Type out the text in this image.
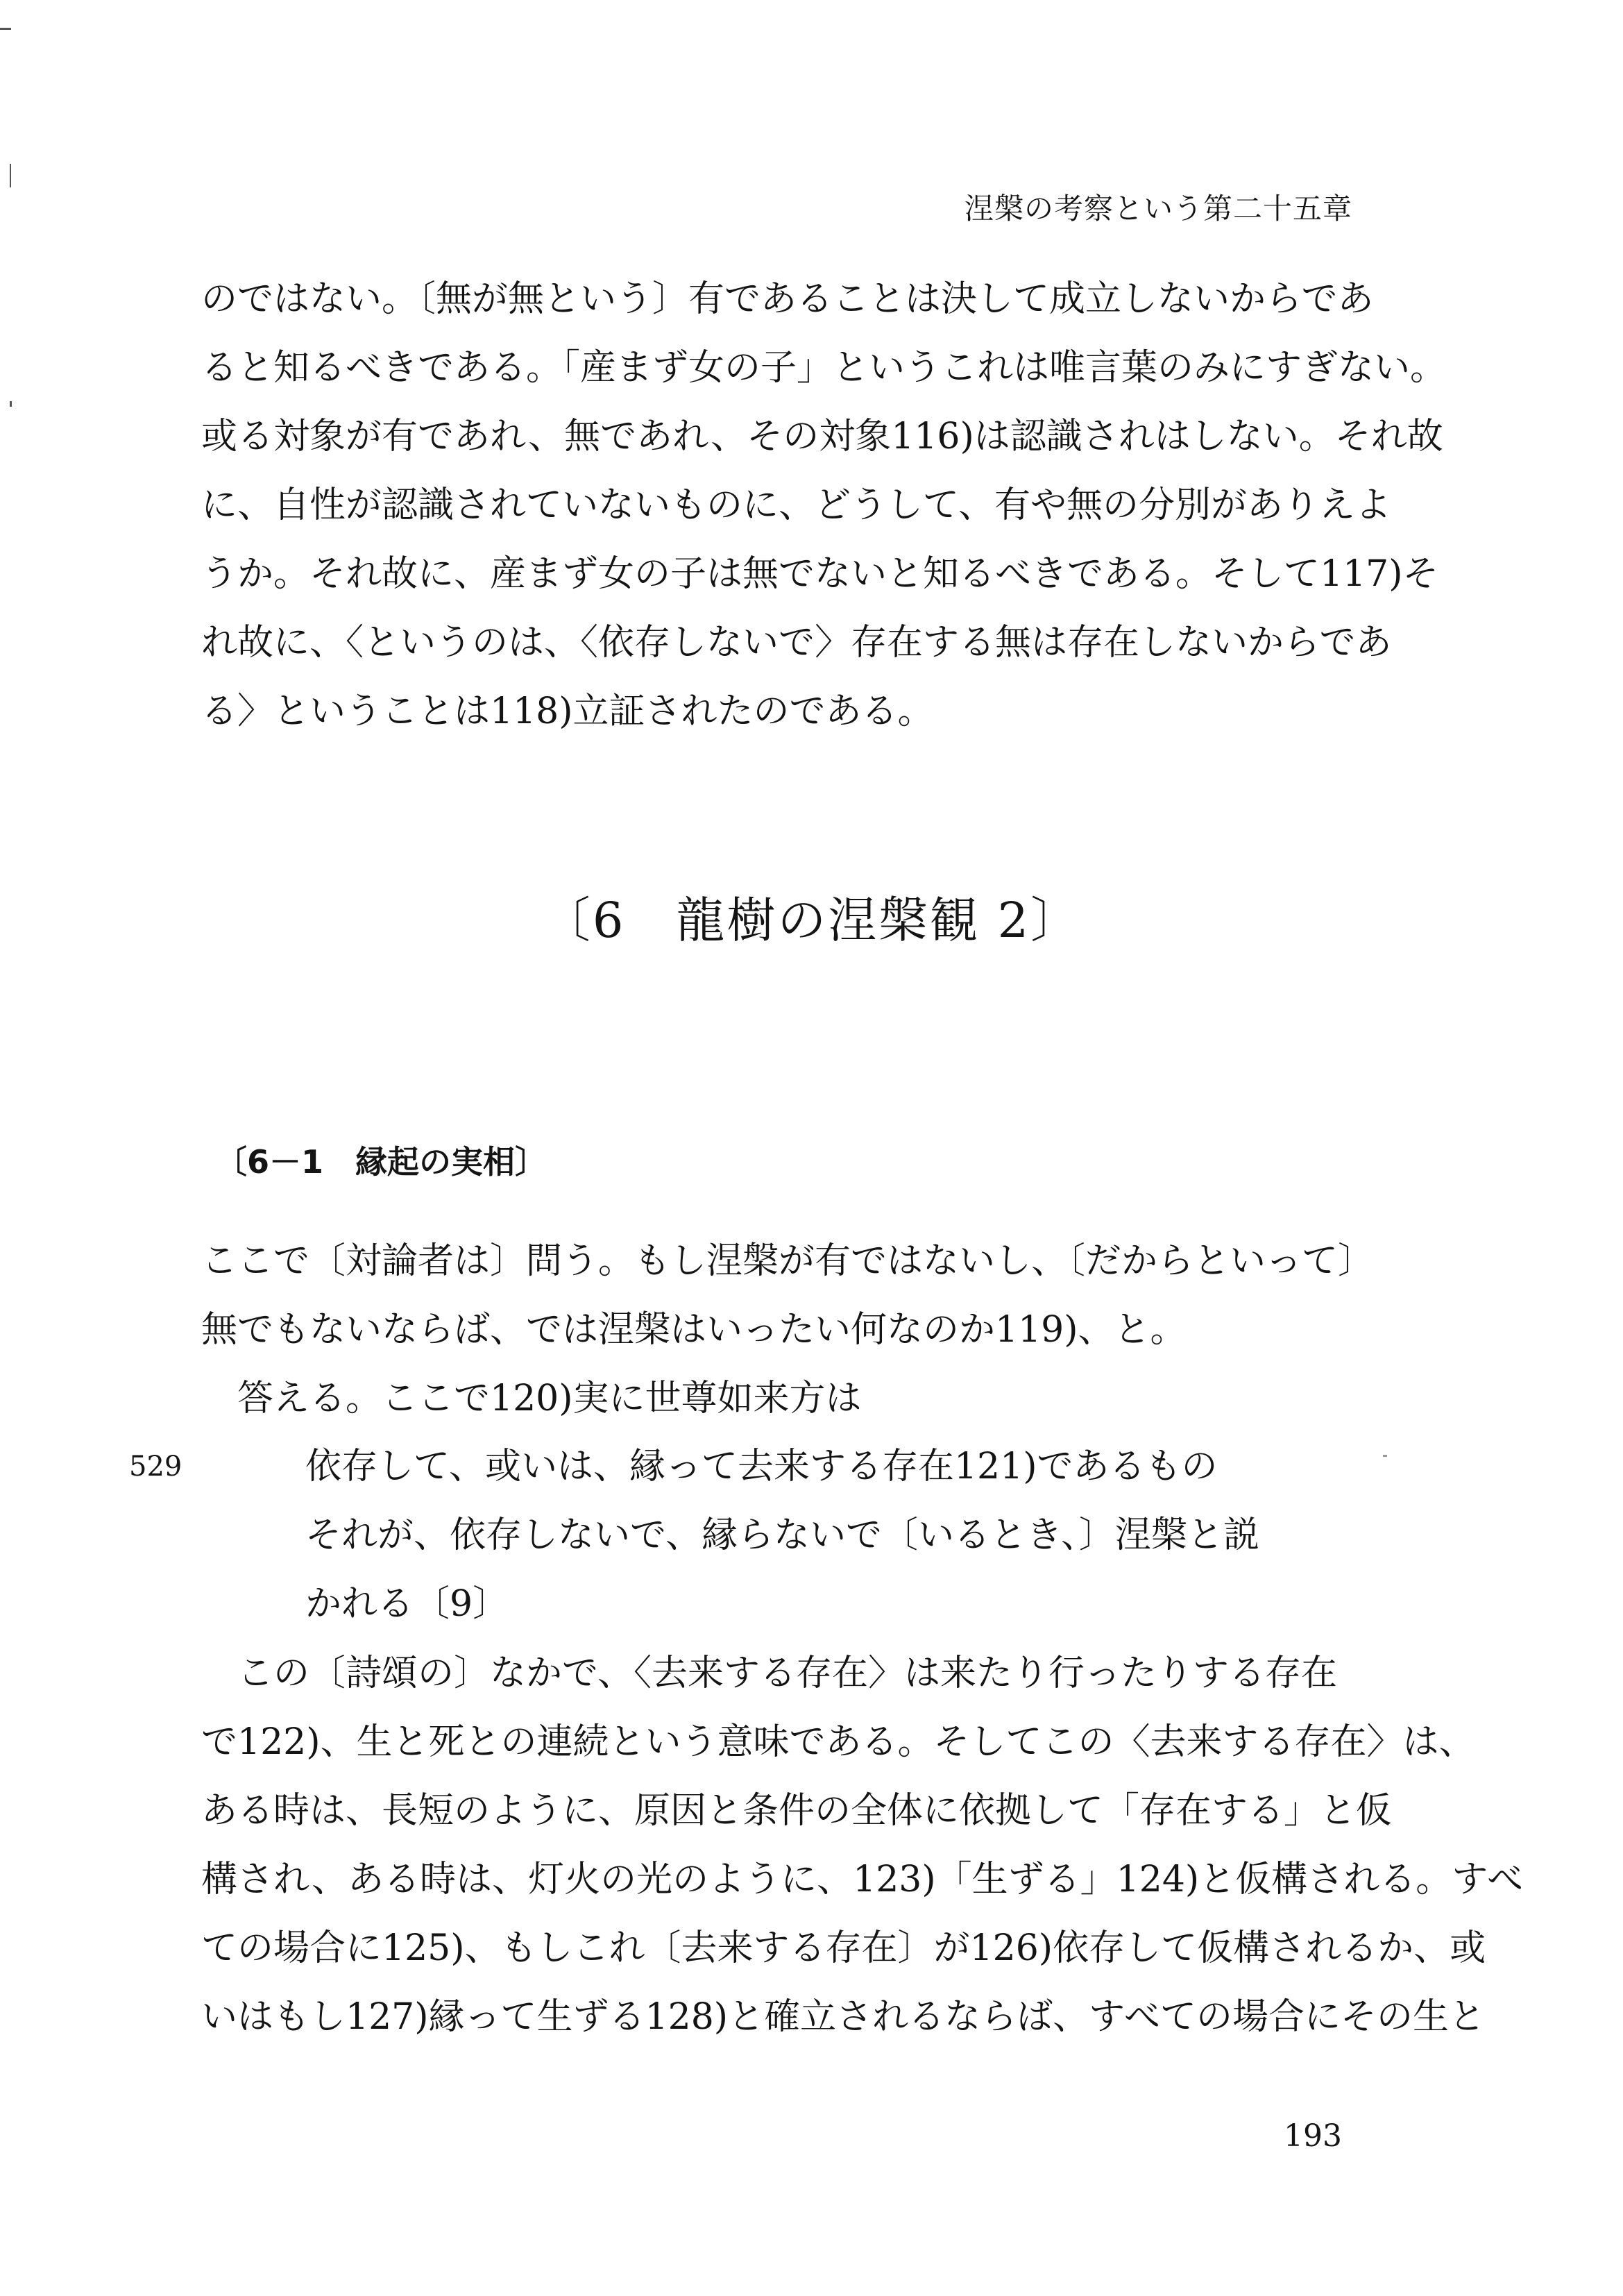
涅槃の考察という第二十五章

のではない。〔無が無という〕有であることは決して成立しないからであ
ると知るべきである。「産まず女の子」というこれは唯言葉のみにすぎない。
或る対象が有であれ、無であれ、その対象116)は認識されはしない。それ故
に、自性が認識されていないものに、どうして、有や無の分別がありえよ
うか。それ故に、産まず女の子は無でないと知るべきである。そして117)そ
れ故に、〈というのは、〈依存しないで〉存在する無は存在しないからであ
る〉ということは118)立証されたのである。

〔6　龍樹の涅槃観 2〕
〔6－1　縁起の実相〕

ここで〔対論者は〕問う。もし涅槃が有ではないし、〔だからといって〕
無でもないならば、では涅槃はいったい何なのか119)、と。

答える。ここで120)実に世尊如来方は

529	依存して、或いは、縁って去来する存在121)であるもの
それが、依存しないで、縁らないで〔いるとき、〕涅槃と説
かれる〔9〕

この〔詩頌の〕なかで、〈去来する存在〉は来たり行ったりする存在
で122)、生と死との連続という意味である。そしてこの〈去来する存在〉は、
ある時は、長短のように、原因と条件の全体に依拠して「存在する」と仮
構され、ある時は、灯火の光のように、123)「生ずる」124)と仮構される。すべ
ての場合に125)、もしこれ〔去来する存在〕が126)依存して仮構されるか、或
いはもし127)縁って生ずる128)と確立されるならば、すべての場合にその生と

193
